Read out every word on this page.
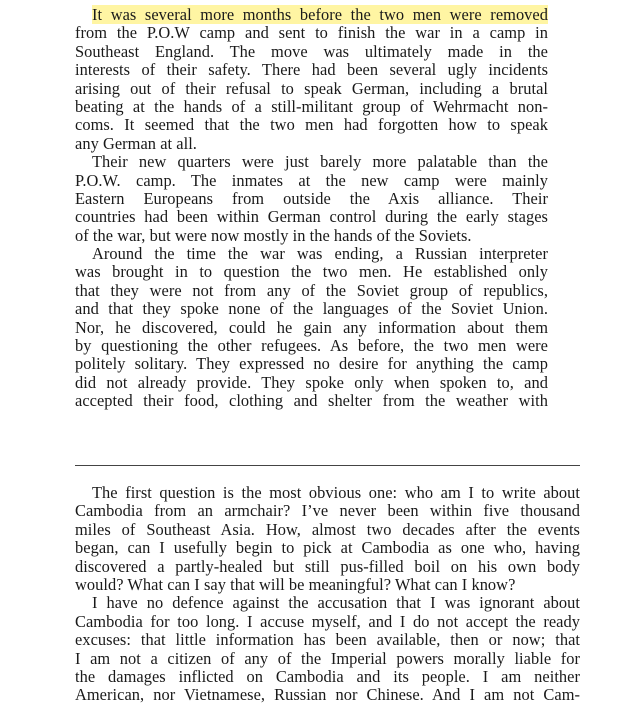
It was several more months before the two men were removed
from the P.O.W camp and sent to finish the war in a camp in
Southeast England. The move was ultimately made in the
interests of their safety. There had been several ugly incidents
arising out of their refusal to speak German, including a brutal
beating at the hands of a still-militant group of Wehrmacht non-
coms. It seemed that the two men had forgotten how to speak
any German at all.
Their new quarters were just barely more palatable than the
P.O.W. camp. The inmates at the new camp were mainly
Eastern Europeans from outside the Axis alliance. Their
countries had been within German control during the early stages
of the war, but were now mostly in the hands of the Soviets.
Around the time the war was ending, a Russian interpreter
was brought in to question the two men. He established only
that they were not from any of the Soviet group of republics,
and that they spoke none of the languages of the Soviet Union.
Nor, he discovered, could he gain any information about them
by questioning the other refugees. As before, the two men were
politely solitary. They expressed no desire for anything the camp
did not already provide. They spoke only when spoken to, and
accepted their food, clothing and shelter from the weather with
The first question is the most obvious one: who am I to write about
Cambodia from an armchair? I’ve never been within five thousand
miles of Southeast Asia. How, almost two decades after the events
began, can I usefully begin to pick at Cambodia as one who, having
discovered a partly-healed but still pus-filled boil on his own body
would? What can I say that will be meaningful? What can I know?
I have no defence against the accusation that I was ignorant about
Cambodia for too long. I accuse myself, and I do not accept the ready
excuses: that little information has been available, then or now; that
I am not a citizen of any of the Imperial powers morally liable for
the damages inflicted on Cambodia and its people. I am neither
American, nor Vietnamese, Russian nor Chinese. And I am not Cam-
